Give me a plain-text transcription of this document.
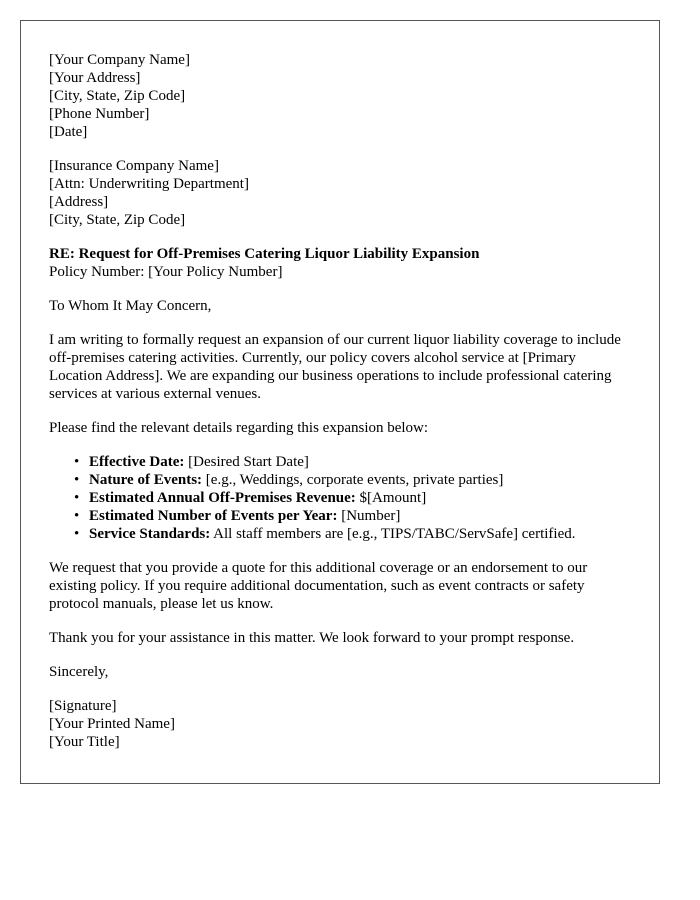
[Your Company Name]
[Your Address]
[City, State, Zip Code]
[Phone Number]
[Date]
[Insurance Company Name]
[Attn: Underwriting Department]
[Address]
[City, State, Zip Code]
RE: Request for Off-Premises Catering Liquor Liability Expansion
Policy Number: [Your Policy Number]

To Whom It May Concern,

I am writing to formally request an expansion of our current liquor liability coverage to include off-premises catering activities. Currently, our policy covers alcohol service at [Primary Location Address]. We are expanding our business operations to include professional catering services at various external venues.

Please find the relevant details regarding this expansion below:

• Effective Date: [Desired Start Date]
• Nature of Events: [e.g., Weddings, corporate events, private parties]
• Estimated Annual Off-Premises Revenue: $[Amount]
• Estimated Number of Events per Year: [Number]
• Service Standards: All staff members are [e.g., TIPS/TABC/ServSafe] certified.

We request that you provide a quote for this additional coverage or an endorsement to our existing policy. If you require additional documentation, such as event contracts or safety protocol manuals, please let us know.

Thank you for your assistance in this matter. We look forward to your prompt response.

Sincerely,

[Signature]
[Your Printed Name]
[Your Title]
